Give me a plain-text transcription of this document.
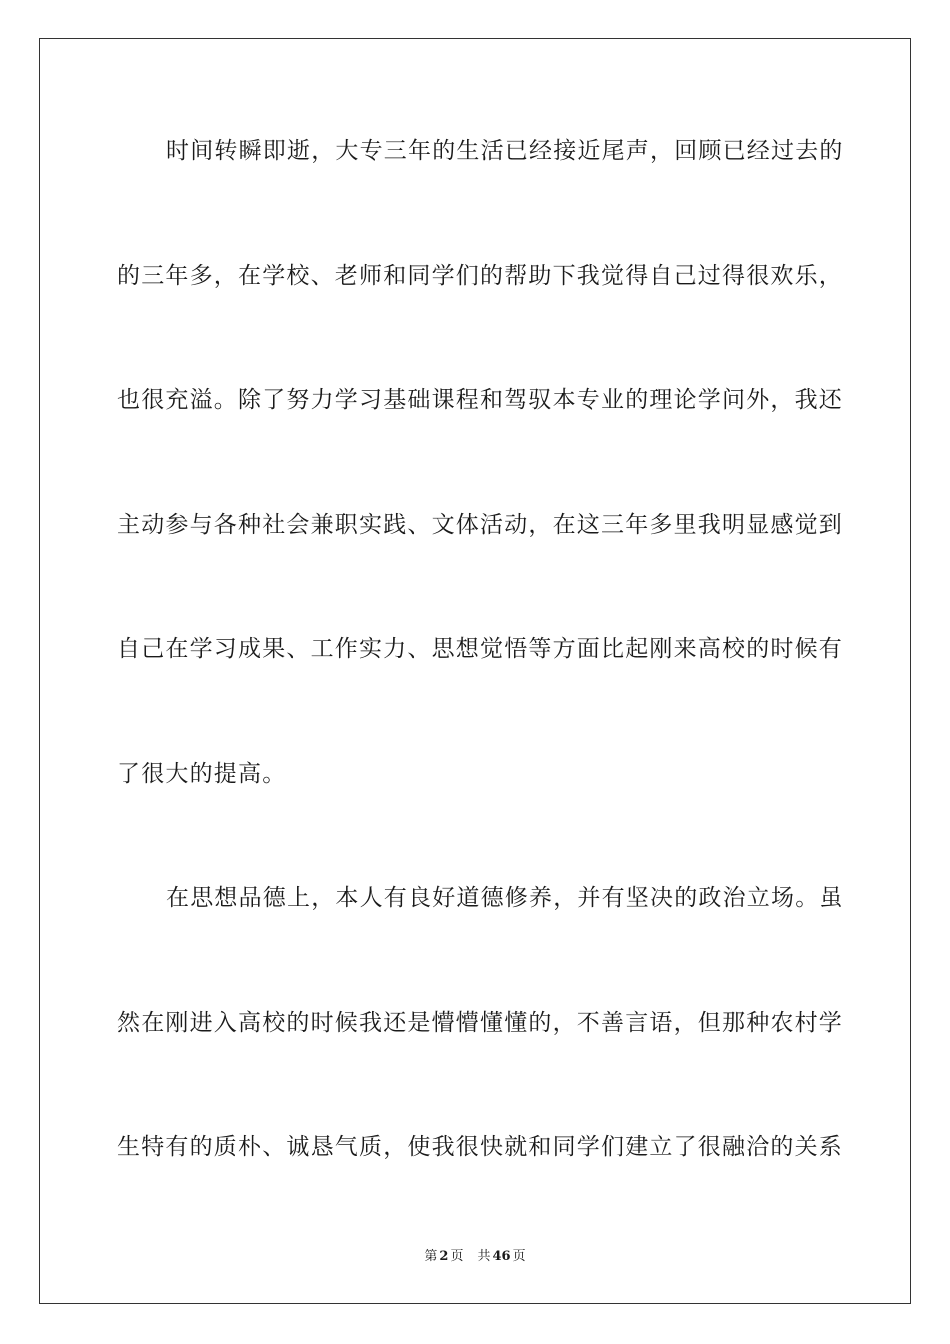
时间转瞬即逝，大专三年的生活已经接近尾声，回顾已经过去的
的三年多，在学校、老师和同学们的帮助下我觉得自己过得很欢乐，
也很充溢。除了努力学习基础课程和驾驭本专业的理论学问外，我还
主动参与各种社会兼职实践、文体活动，在这三年多里我明显感觉到
自己在学习成果、工作实力、思想觉悟等方面比起刚来高校的时候有
了很大的提高。
在思想品德上，本人有良好道德修养，并有坚决的政治立场。虽
然在刚进入高校的时候我还是懵懵懂懂的，不善言语，但那种农村学
生特有的质朴、诚恳气质，使我很快就和同学们建立了很融洽的关系
第 2 页 共 46 页
